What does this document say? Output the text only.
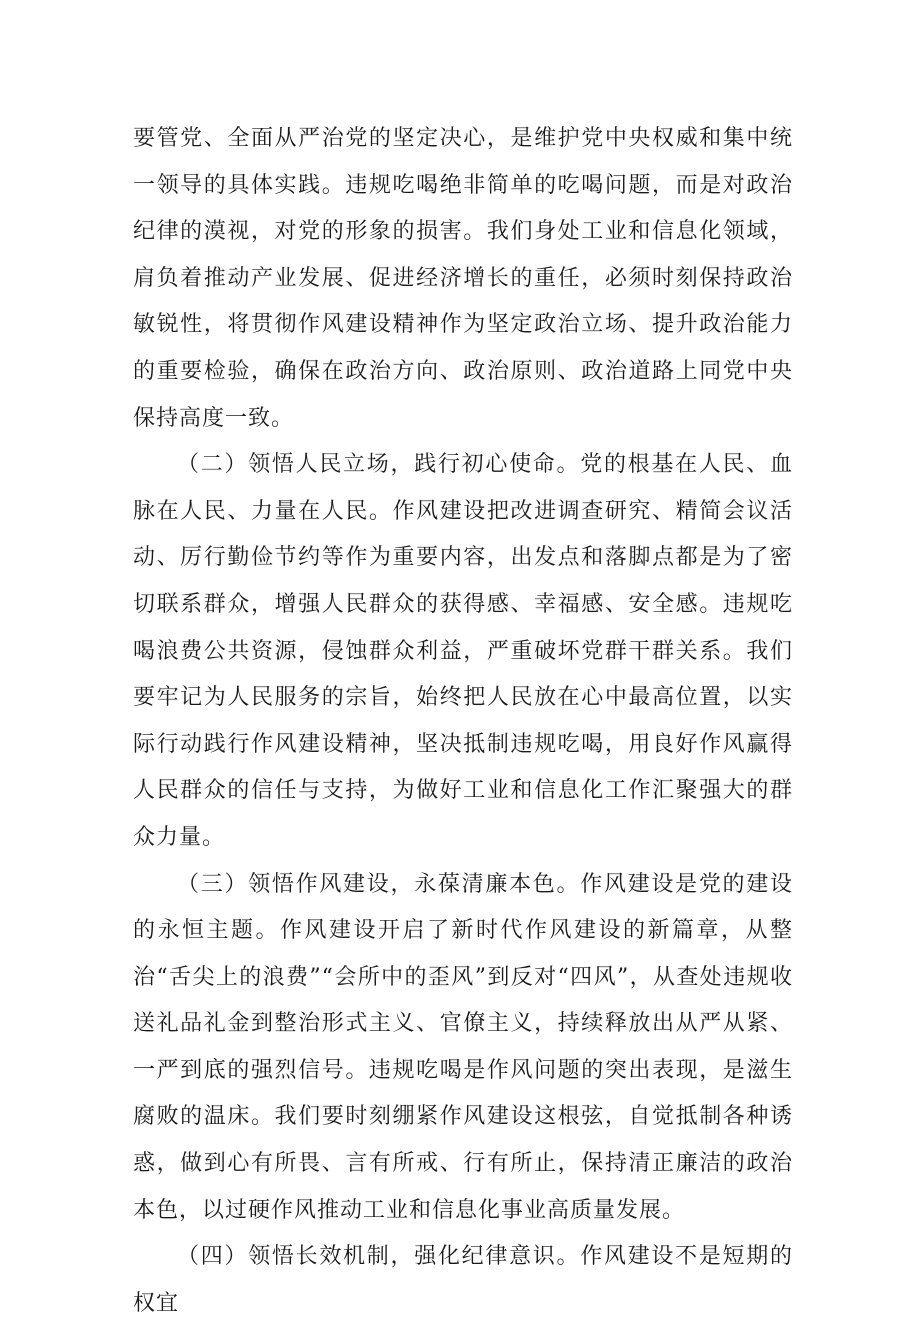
要管党、全面从严治党的坚定决心，是维护党中央权威和集中统一领导的具体实践。违规吃喝绝非简单的吃喝问题，而是对政治纪律的漠视，对党的形象的损害。我们身处工业和信息化领域，肩负着推动产业发展、促进经济增长的重任，必须时刻保持政治敏锐性，将贯彻作风建设精神作为坚定政治立场、提升政治能力的重要检验，确保在政治方向、政治原则、政治道路上同党中央保持高度一致。

（二）领悟人民立场，践行初心使命。党的根基在人民、血脉在人民、力量在人民。作风建设把改进调查研究、精简会议活动、厉行勤俭节约等作为重要内容，出发点和落脚点都是为了密切联系群众，增强人民群众的获得感、幸福感、安全感。违规吃喝浪费公共资源，侵蚀群众利益，严重破坏党群干群关系。我们要牢记为人民服务的宗旨，始终把人民放在心中最高位置，以实际行动践行作风建设精神，坚决抵制违规吃喝，用良好作风赢得人民群众的信任与支持，为做好工业和信息化工作汇聚强大的群众力量。

（三）领悟作风建设，永葆清廉本色。作风建设是党的建设的永恒主题。作风建设开启了新时代作风建设的新篇章，从整治“舌尖上的浪费”“会所中的歪风”到反对“四风”，从查处违规收送礼品礼金到整治形式主义、官僚主义，持续释放出从严从紧、一严到底的强烈信号。违规吃喝是作风问题的突出表现，是滋生腐败的温床。我们要时刻绷紧作风建设这根弦，自觉抵制各种诱惑，做到心有所畏、言有所戒、行有所止，保持清正廉洁的政治本色，以过硬作风推动工业和信息化事业高质量发展。

（四）领悟长效机制，强化纪律意识。作风建设不是短期的权宜
